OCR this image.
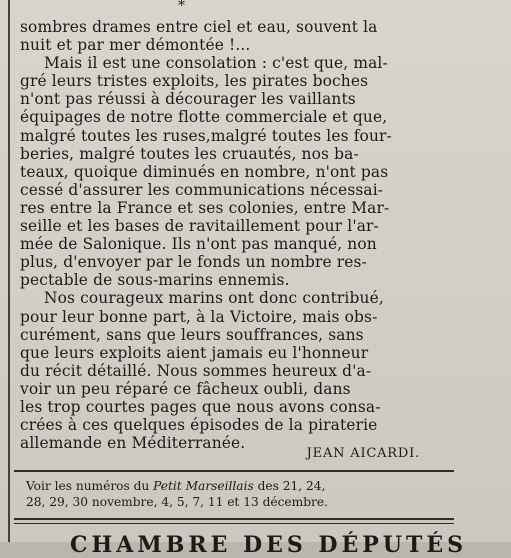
*

sombres drames entre ciel et eau, souvent la

nuit et par mer démontée !...

Mais il est une consolation : c'est que, mal-

gré leurs tristes exploits, les pirates boches

n'ont pas réussi à décourager les vaillants

équipages de notre flotte commerciale et que,

malgré toutes les ruses,malgré toutes les four-

beries, malgré toutes les cruautés, nos ba-

teaux, quoique diminués en nombre, n'ont pas

cessé d'assurer les communications nécessai-

res entre la France et ses colonies, entre Mar-

seille et les bases de ravitaillement pour l'ar-

mée de Salonique. Ils n'ont pas manqué, non

plus, d'envoyer par le fonds un nombre res-

pectable de sous-marins ennemis.

Nos courageux marins ont donc contribué,

pour leur bonne part, à la Victoire, mais obs-

curément, sans que leurs souffrances, sans

que leurs exploits aient jamais eu l'honneur

du récit détaillé. Nous sommes heureux d'a-

voir un peu réparé ce fâcheux oubli, dans

les trop courtes pages que nous avons consa-

crées à ces quelques épisodes de la piraterie

allemande en Méditerranée.

JEAN AICARDI.
Voir les numéros du Petit Marseillais des 21, 24,
28, 29, 30 novembre, 4, 5, 7, 11 et 13 décembre.
CHAMBRE DES DÉPUTÉS
